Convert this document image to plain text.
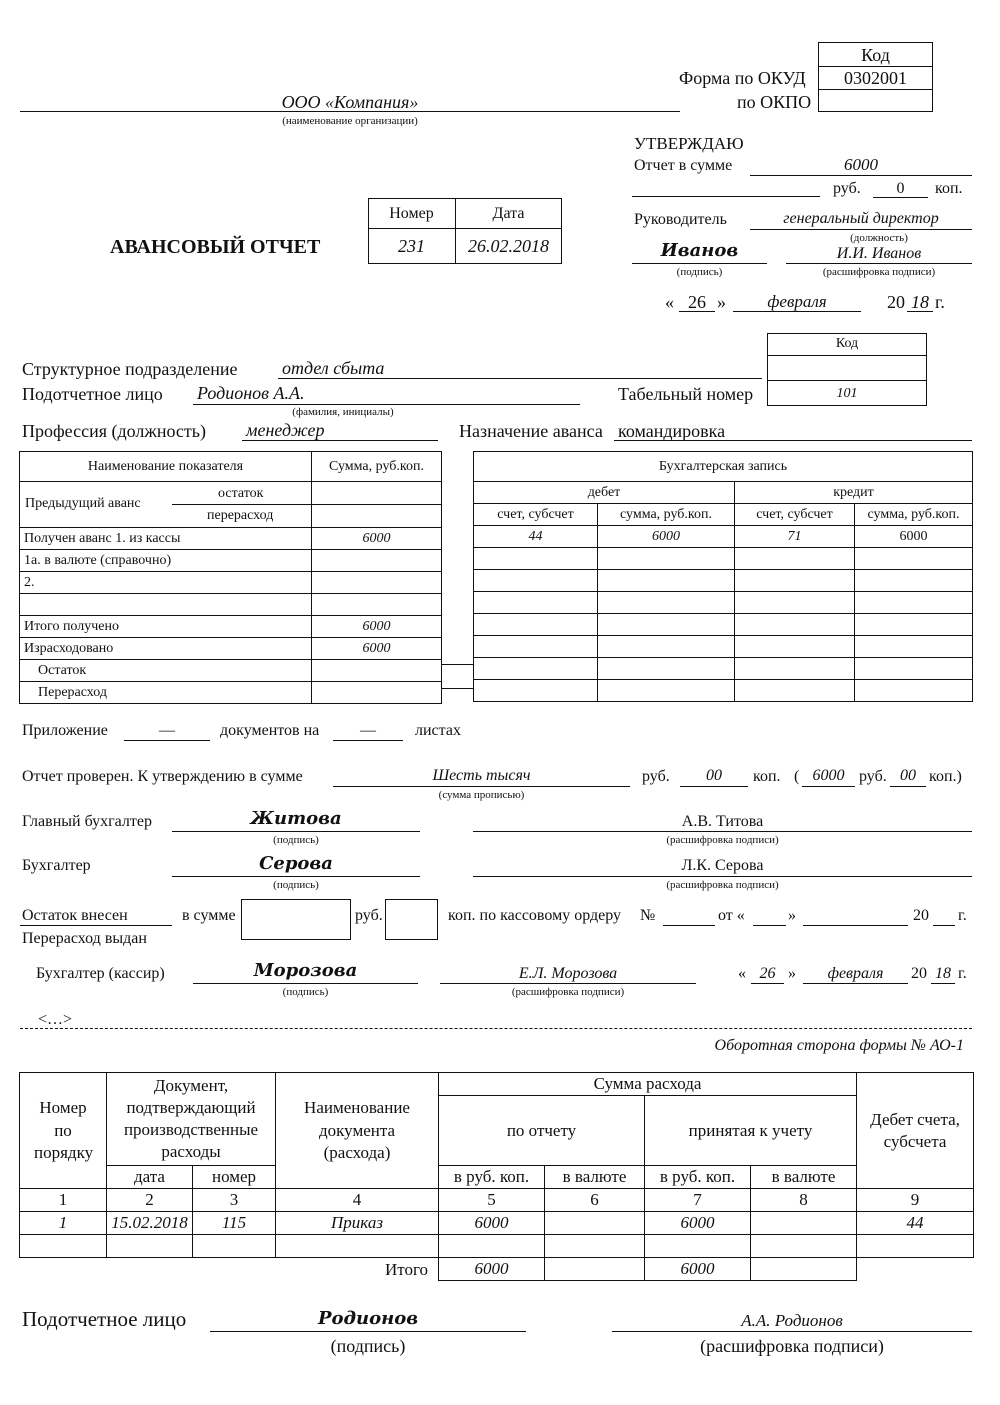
Код
Форма по ОКУД	0302001
по ОКПО
ООО «Компания»
(наименование организации)
УТВЕРЖДАЮ
Отчет в сумме	6000
руб.	0	коп.
Руководитель	генеральный директор
(должность)
Иванов
(подпись)
И.И. Иванов
(расшифровка подписи)
« 26 »	февраля	20 18 г.
АВАНСОВЫЙ ОТЧЕТ
Номер	Дата
231	26.02.2018
Код
Структурное подразделение отдел сбыта
Подотчетное лицо Родионов А.А.
(фамилия, инициалы)
Табельный номер	101
Профессия (должность) менеджер	Назначение аванса командировка
Наименование показателя	Сумма, руб.коп.

Предыдущий аванс
остаток
перерасход	

Получен аванс 1. из кассы	6000
1а. в валюте (справочно)	
2.	

Итого получено	6000
Израсходовано	6000
Остаток	
Перерасход	
Бухгалтерская запись			
дебет		кредит	
счет, субсчет	сумма, руб.коп.	счет, субсчет	сумма, руб.коп.
44	6000	71	6000

Приложение	—	документов на	—	листах
Отчет проверен. К утверждению в сумме	Шесть тысяч
(сумма прописью)
руб.	00	коп. ( 6000 руб. 00 коп.)
Главный бухгалтер	Житова
(подпись)
А.В. Титова
(расшифровка подписи)
Бухгалтер	Серова
(подпись)
Л.К. Серова
(расшифровка подписи)
Остаток внесен
Перерасход выдан
в сумме	руб.	коп. по кассовому ордеру №	от «	»	20 г.
Бухгалтер (кассир)	Морозова
(подпись)
Е.Л. Морозова
(расшифровка подписи)
« 26 »	февраля	20 18 г.
<…>
Оборотная сторона формы № АО-1
Номер по порядку	Документ, подтверждающий производственные расходы		Наименование документа (расхода)	Сумма расхода				Дебет счета, субсчета
				по отчету		принятая к учету		
	дата	номер		в руб. коп.	в валюте	в руб. коп.	в валюте	
1	2	3	4	5	6	7	8	9
1	15.02.2018	115	Приказ	6000		6000		44

			Итого	6000		6000		
Подотчетное лицо	Родионов
(подпись)
А.А. Родионов
(расшифровка подписи)
